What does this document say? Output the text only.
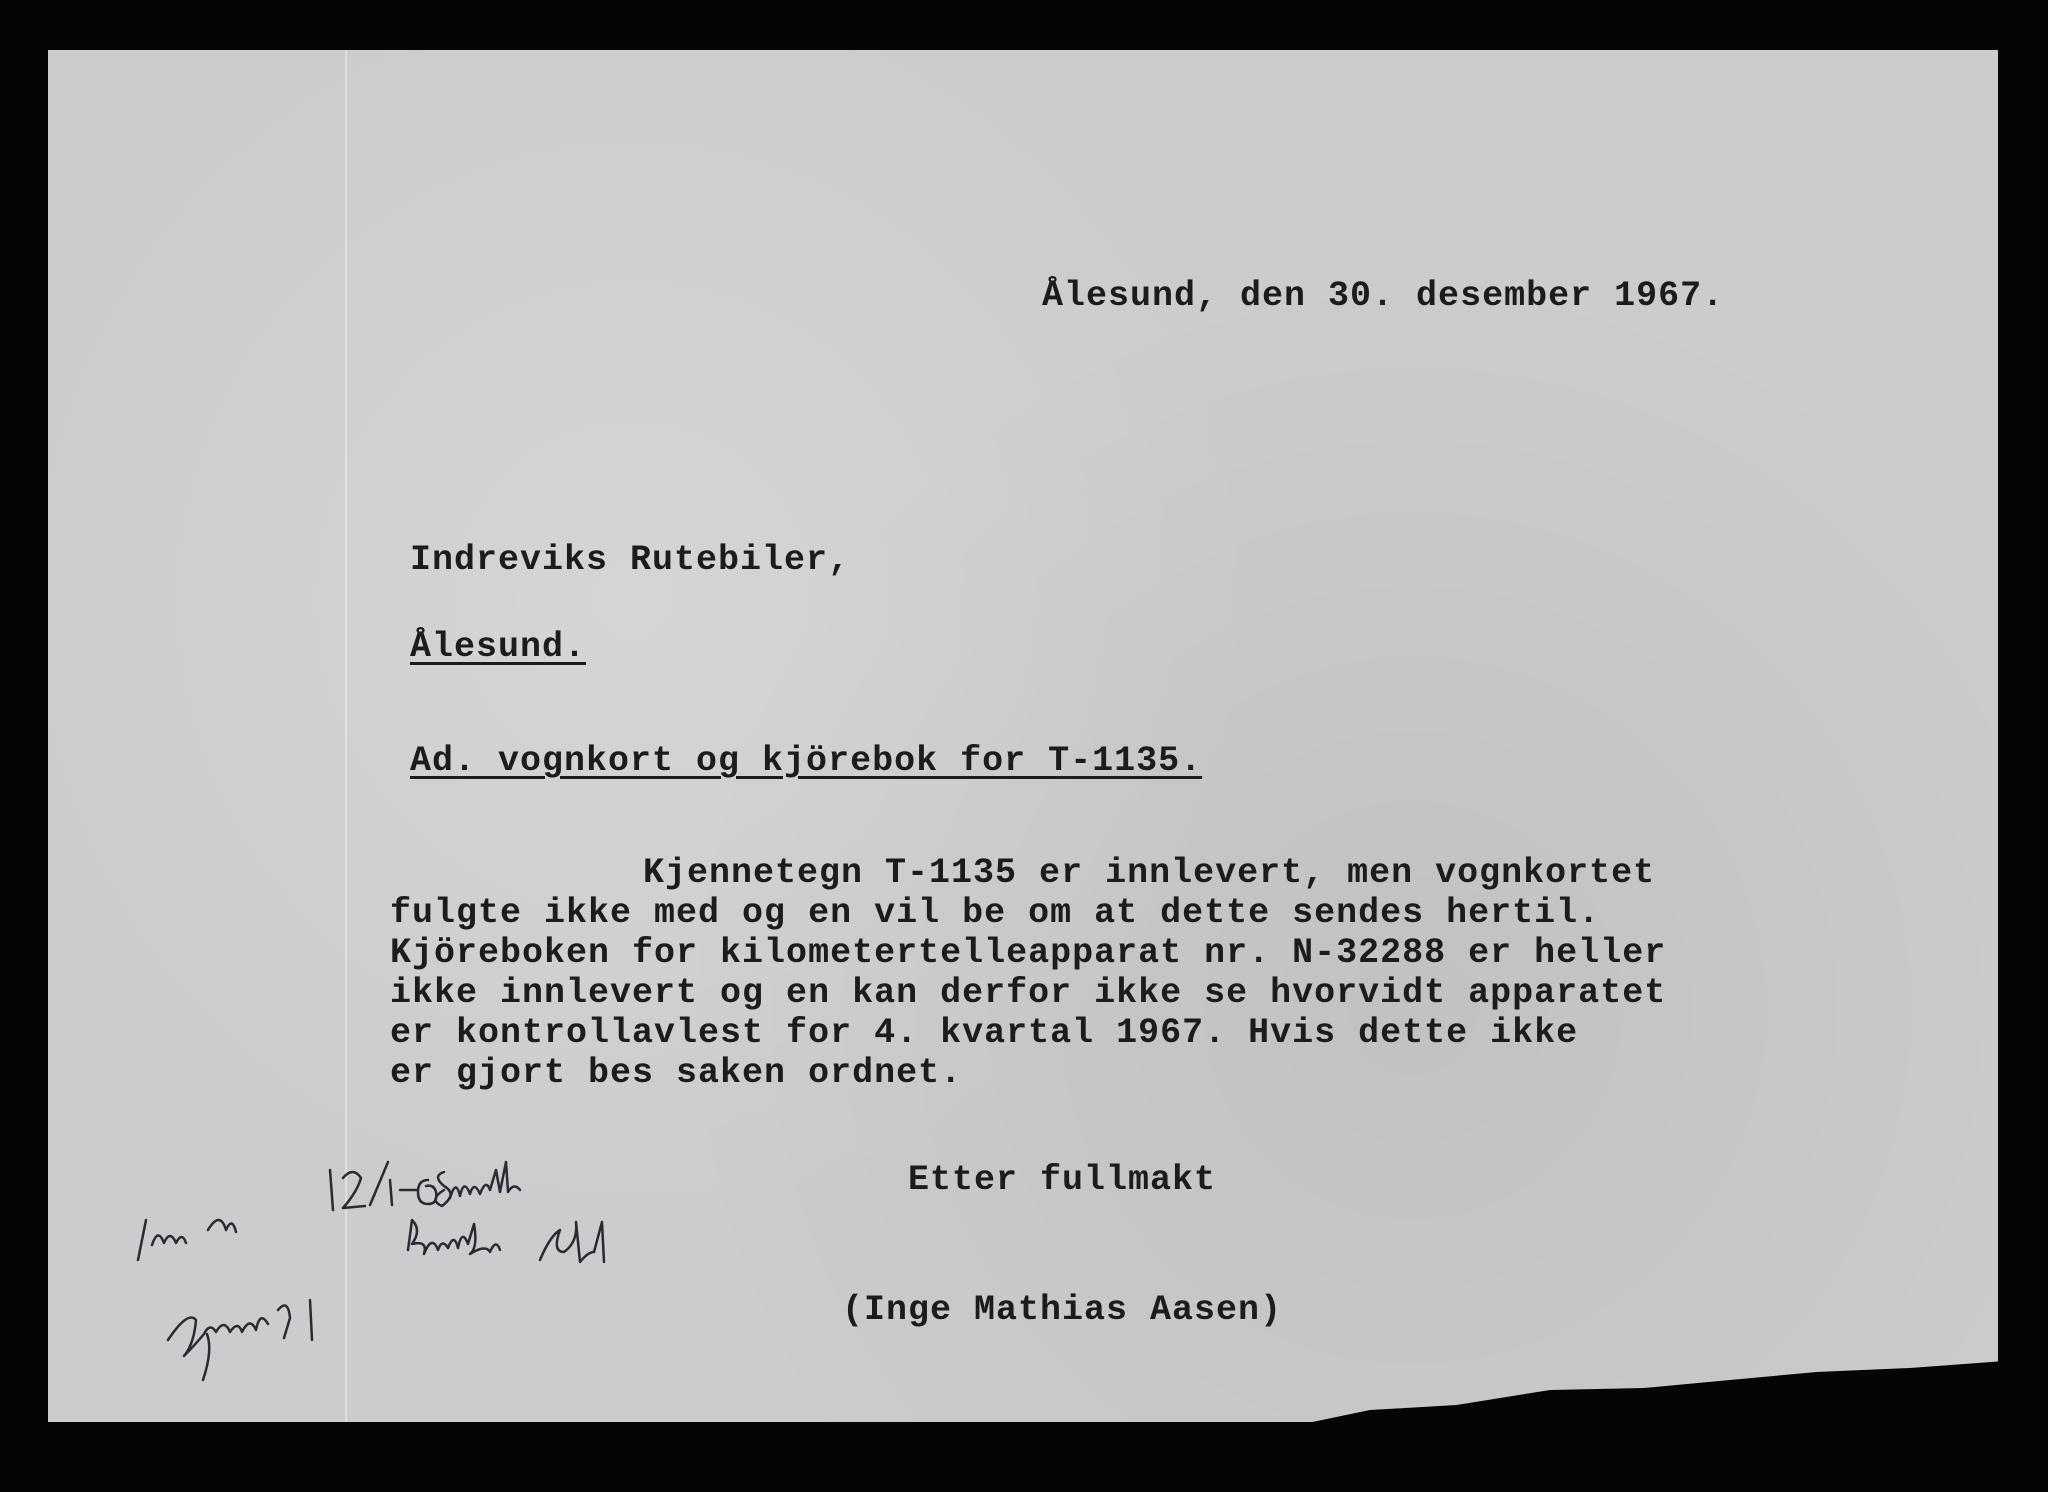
Ålesund, den 30. desember 1967.
Indreviks Rutebiler,
Ålesund.
Ad. vognkort og kjörebok for T-1135.
Kjennetegn T-1135 er innlevert, men vognkortet
fulgte ikke med og en vil be om at dette sendes hertil.
Kjöreboken for kilometertelleapparat nr. N-32288 er heller
ikke innlevert og en kan derfor ikke se hvorvidt apparatet
er kontrollavlest for 4. kvartal 1967. Hvis dette ikke
er gjort bes saken ordnet.
Etter fullmakt
(Inge Mathias Aasen)
